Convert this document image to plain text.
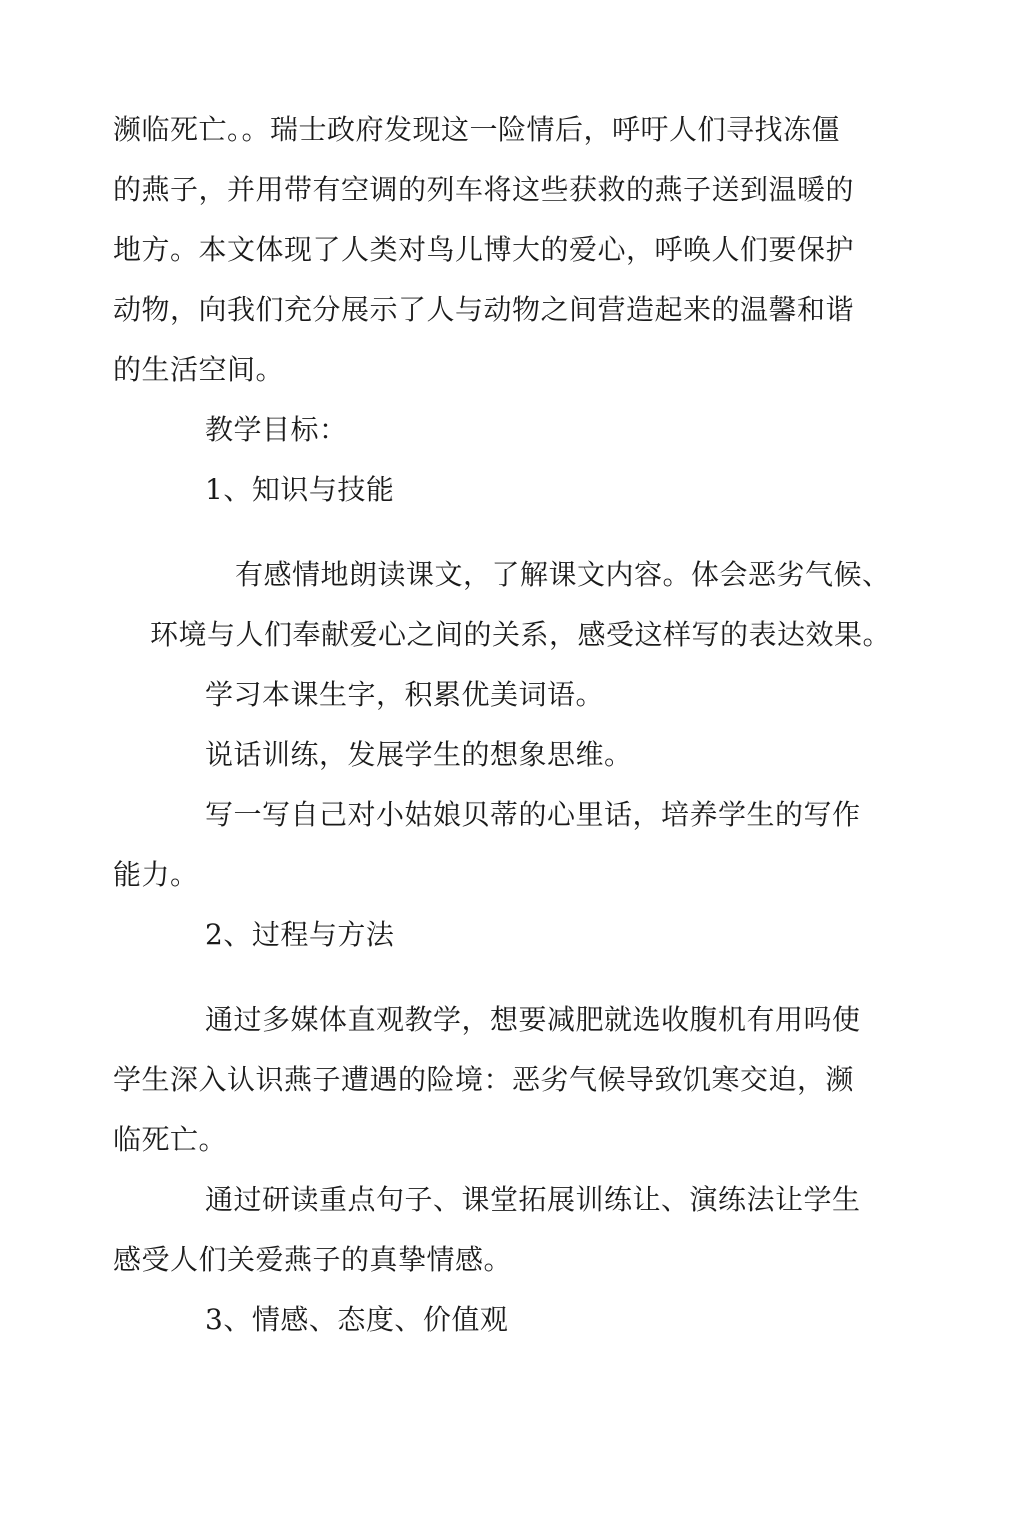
濒临死亡。。瑞士政府发现这一险情后，呼吁人们寻找冻僵
的燕子，并用带有空调的列车将这些获救的燕子送到温暖的
地方。本文体现了人类对鸟儿博大的爱心，呼唤人们要保护
动物，向我们充分展示了人与动物之间营造起来的温馨和谐
的生活空间。
教学目标：
1、知识与技能
有感情地朗读课文，了解课文内容。体会恶劣气候、
环境与人们奉献爱心之间的关系，感受这样写的表达效果。
学习本课生字，积累优美词语。
说话训练，发展学生的想象思维。
写一写自己对小姑娘贝蒂的心里话，培养学生的写作
能力。
2、过程与方法
通过多媒体直观教学，想要减肥就选收腹机有用吗使
学生深入认识燕子遭遇的险境：恶劣气候导致饥寒交迫，濒
临死亡。
通过研读重点句子、课堂拓展训练让、演练法让学生
感受人们关爱燕子的真挚情感。
3、情感、态度、价值观
